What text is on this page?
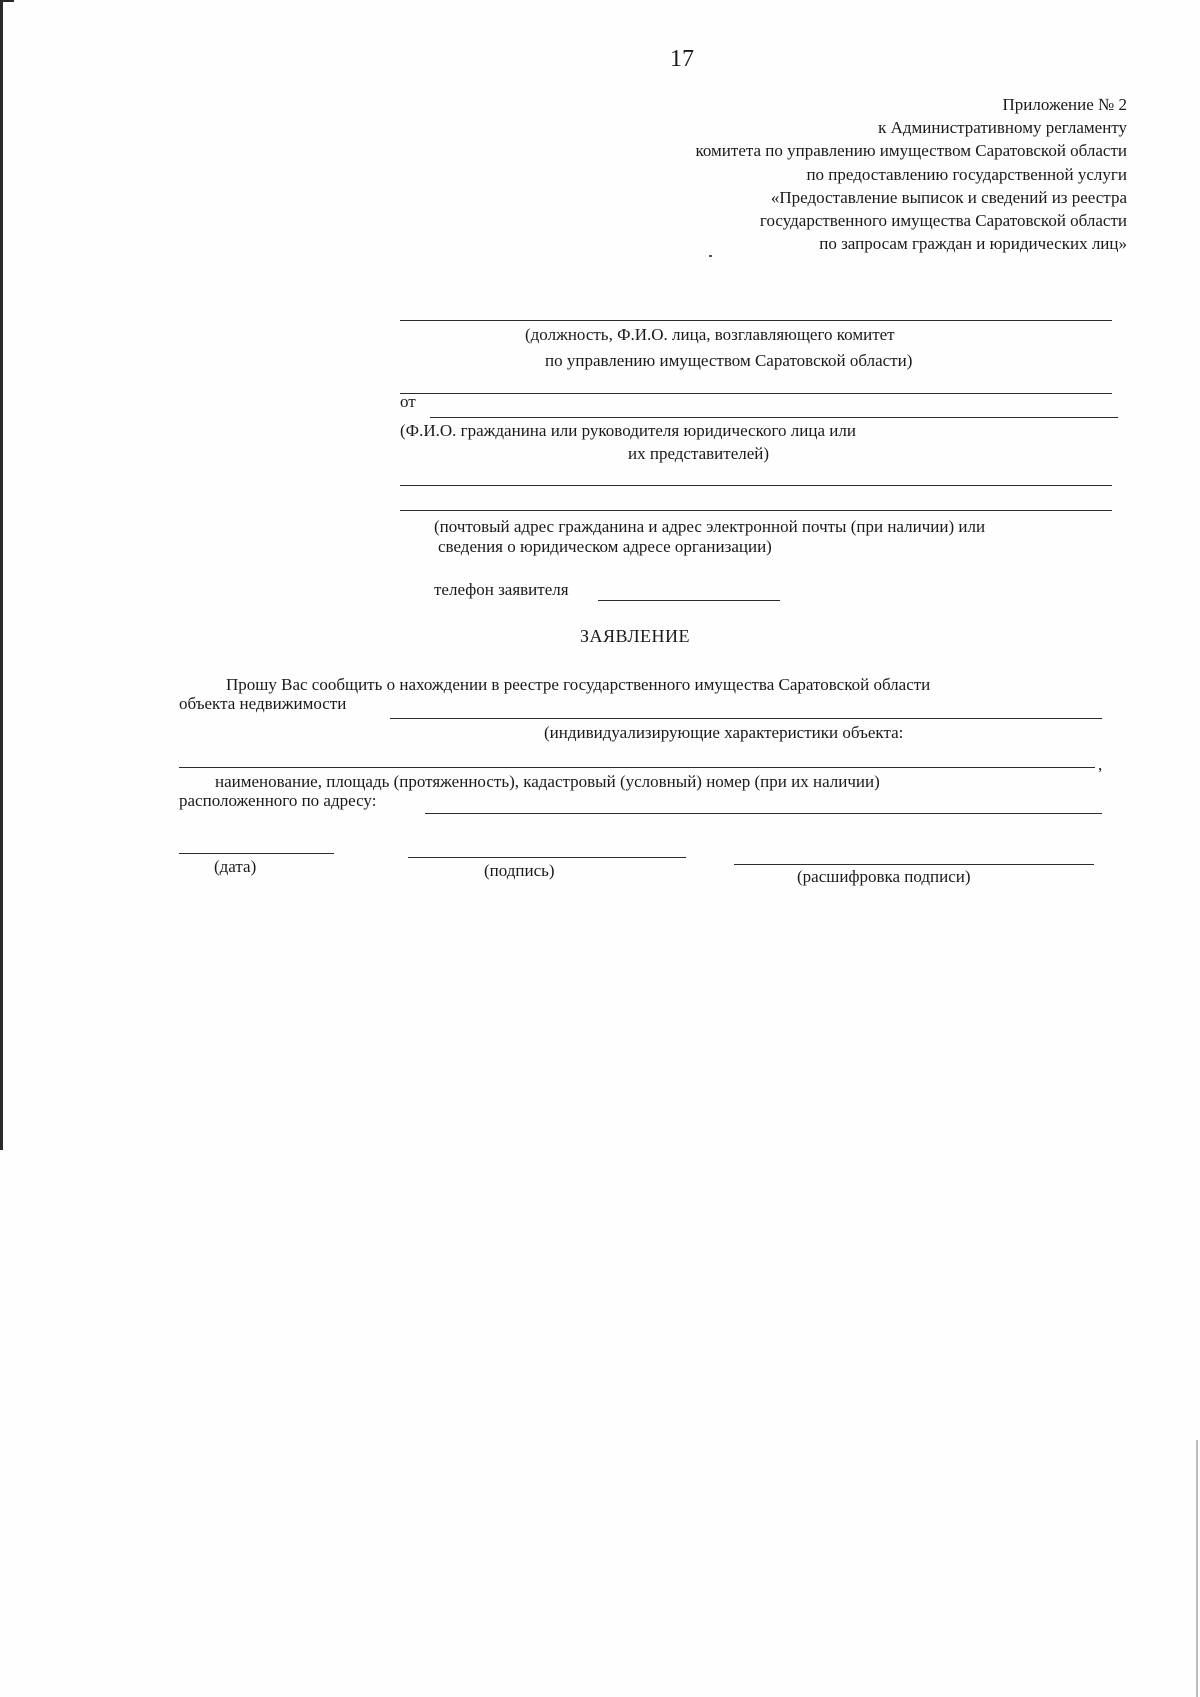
17
Приложение № 2
к Административному регламенту
комитета по управлению имуществом Саратовской области
по предоставлению государственной услуги
«Предоставление выписок и сведений из реестра
государственного имущества Саратовской области
по запросам граждан и юридических лиц»
(должность, Ф.И.О. лица, возглавляющего комитет
по управлению имуществом Саратовской области)
от
(Ф.И.О. гражданина или руководителя юридического лица или
их представителей)
(почтовый адрес гражданина и адрес электронной почты (при наличии) или
сведения о юридическом адресе организации)
телефон заявителя
ЗАЯВЛЕНИЕ
Прошу Вас сообщить о нахождении в реестре государственного имущества Саратовской области
объекта недвижимости
(индивидуализирующие характеристики объекта:
,
наименование, площадь (протяженность), кадастровый (условный) номер (при их наличии)
расположенного по адресу:
(дата)	(подпись)	(расшифровка подписи)
